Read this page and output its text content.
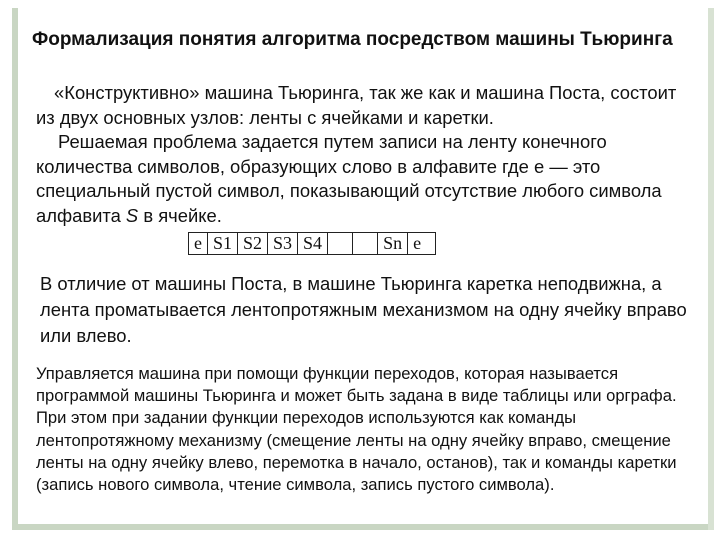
Формализация понятия алгоритма посредством машины Тьюринга

«Конструктивно» машина Тьюринга, так же как и машина Поста, состоит из двух основных узлов: ленты с ячейками и каретки.

Решаемая проблема задается путем записи на ленту конечного количества символов, образующих слово в алфавите где е — это специальный пустой символ, показывающий отсутствие любого символа алфавита S в ячейке.

e	S1	S2	S3	S4			Sn	e

В отличие от машины Поста, в машине Тьюринга каретка неподвижна, а лента проматывается лентопротяжным механизмом на одну ячейку вправо или влево.

Управляется машина при помощи функции переходов, которая называется программой машины Тьюринга и может быть задана в виде таблицы или орграфа. При этом при задании функции переходов используются как команды лентопротяжному механизму (смещение ленты на одну ячейку вправо, смещение ленты на одну ячейку влево, перемотка в начало, останов), так и команды каретки (запись нового символа, чтение символа, запись пустого символа).
